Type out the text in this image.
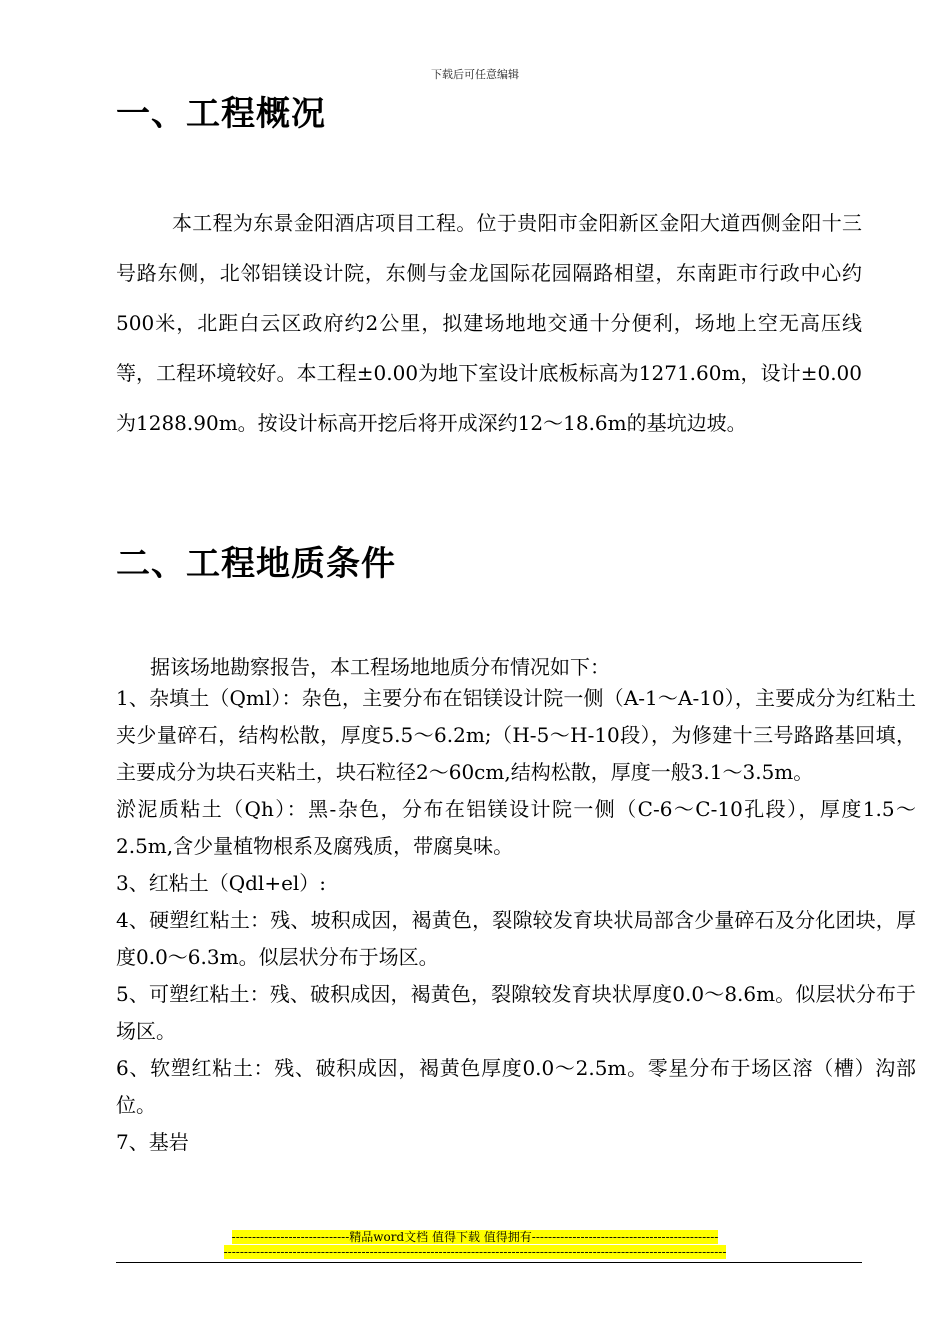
下载后可任意编辑
一、工程概况

本工程为东景金阳酒店项目工程。位于贵阳市金阳新区金阳大道西侧金阳十三号路东侧，北邻铝镁设计院，东侧与金龙国际花园隔路相望，东南距市行政中心约500米，北距白云区政府约2公里，拟建场地地交通十分便利，场地上空无高压线等，工程环境较好。本工程±0.00为地下室设计底板标高为1271.60m，设计±0.00为1288.90m。按设计标高开挖后将开成深约12～18.6m的基坑边坡。

二、工程地质条件

据该场地勘察报告，本工程场地地质分布情况如下：

1、杂填土（Qml）：杂色，主要分布在铝镁设计院一侧（A-1～A-10），主要成分为红粘土夹少量碎石，结构松散，厚度5.5～6.2m;（H-5～H-10段），为修建十三号路路基回填，主要成分为块石夹粘土，块石粒径2～60cm,结构松散，厚度一般3.1～3.5m。
淤泥质粘土（Qh）：黑-杂色，分布在铝镁设计院一侧（C-6～C-10孔段），厚度1.5～2.5m,含少量植物根系及腐残质，带腐臭味。
3、红粘土（Qdl+el）:
4、硬塑红粘土：残、坡积成因，褐黄色，裂隙较发育块状局部含少量碎石及分化团块，厚度0.0～6.3m。似层状分布于场区。
5、可塑红粘土：残、破积成因，褐黄色，裂隙较发育块状厚度0.0～8.6m。似层状分布于场区。
6、软塑红粘土：残、破积成因，褐黄色厚度0.0～2.5m。零星分布于场区溶（槽）沟部位。
7、基岩
-----------------------------精品word文档 值得下载 值得拥有----------------------------------------------
----------------------------------------------------------------------------------------------------------------------------
